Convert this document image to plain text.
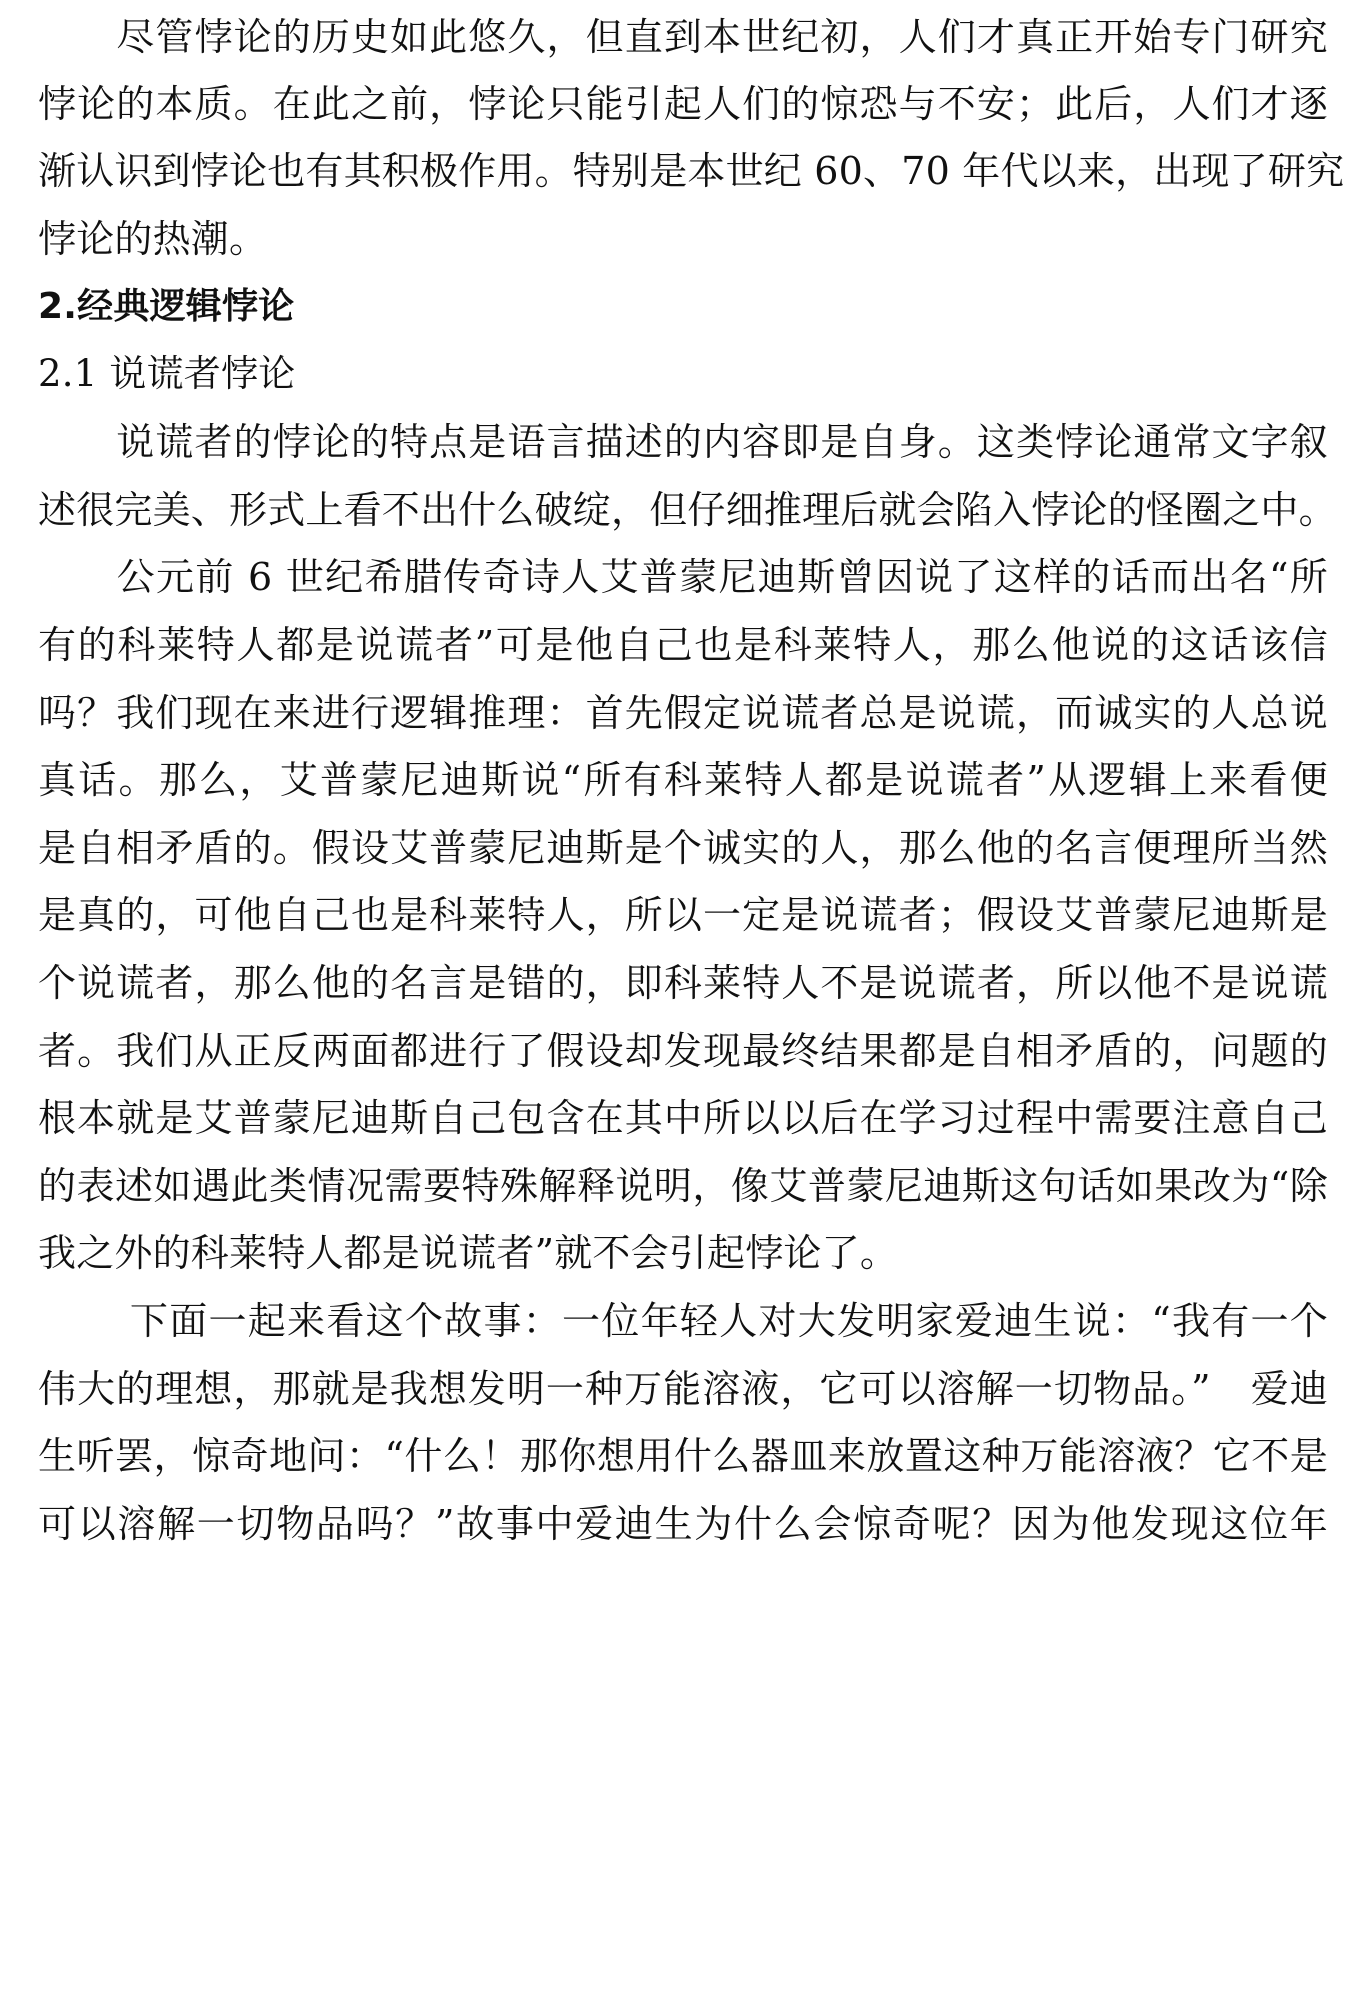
　　尽管悖论的历史如此悠久，但直到本世纪初，人们才真正开始专门研究
悖论的本质。在此之前，悖论只能引起人们的惊恐与不安；此后，人们才逐
渐认识到悖论也有其积极作用。特别是本世纪 60、70 年代以来，出现了研究
悖论的热潮。
2.经典逻辑悖论
2.1 说谎者悖论
　　说谎者的悖论的特点是语言描述的内容即是自身。这类悖论通常文字叙
述很完美、形式上看不出什么破绽，但仔细推理后就会陷入悖论的怪圈之中。
　　公元前 6 世纪希腊传奇诗人艾普蒙尼迪斯曾因说了这样的话而出名“所
有的科莱特人都是说谎者”可是他自己也是科莱特人，那么他说的这话该信
吗？我们现在来进行逻辑推理：首先假定说谎者总是说谎，而诚实的人总说
真话。那么，艾普蒙尼迪斯说“所有科莱特人都是说谎者”从逻辑上来看便
是自相矛盾的。假设艾普蒙尼迪斯是个诚实的人，那么他的名言便理所当然
是真的，可他自己也是科莱特人，所以一定是说谎者；假设艾普蒙尼迪斯是
个说谎者，那么他的名言是错的，即科莱特人不是说谎者，所以他不是说谎
者。我们从正反两面都进行了假设却发现最终结果都是自相矛盾的，问题的
根本就是艾普蒙尼迪斯自己包含在其中所以以后在学习过程中需要注意自己
的表述如遇此类情况需要特殊解释说明，像艾普蒙尼迪斯这句话如果改为“除
我之外的科莱特人都是说谎者”就不会引起悖论了。
　　 下面一起来看这个故事：一位年轻人对大发明家爱迪生说：“我有一个
伟大的理想，那就是我想发明一种万能溶液，它可以溶解一切物品。”　爱迪
生听罢，惊奇地问：“什么！那你想用什么器皿来放置这种万能溶液？它不是
可以溶解一切物品吗？”故事中爱迪生为什么会惊奇呢？因为他发现这位年
